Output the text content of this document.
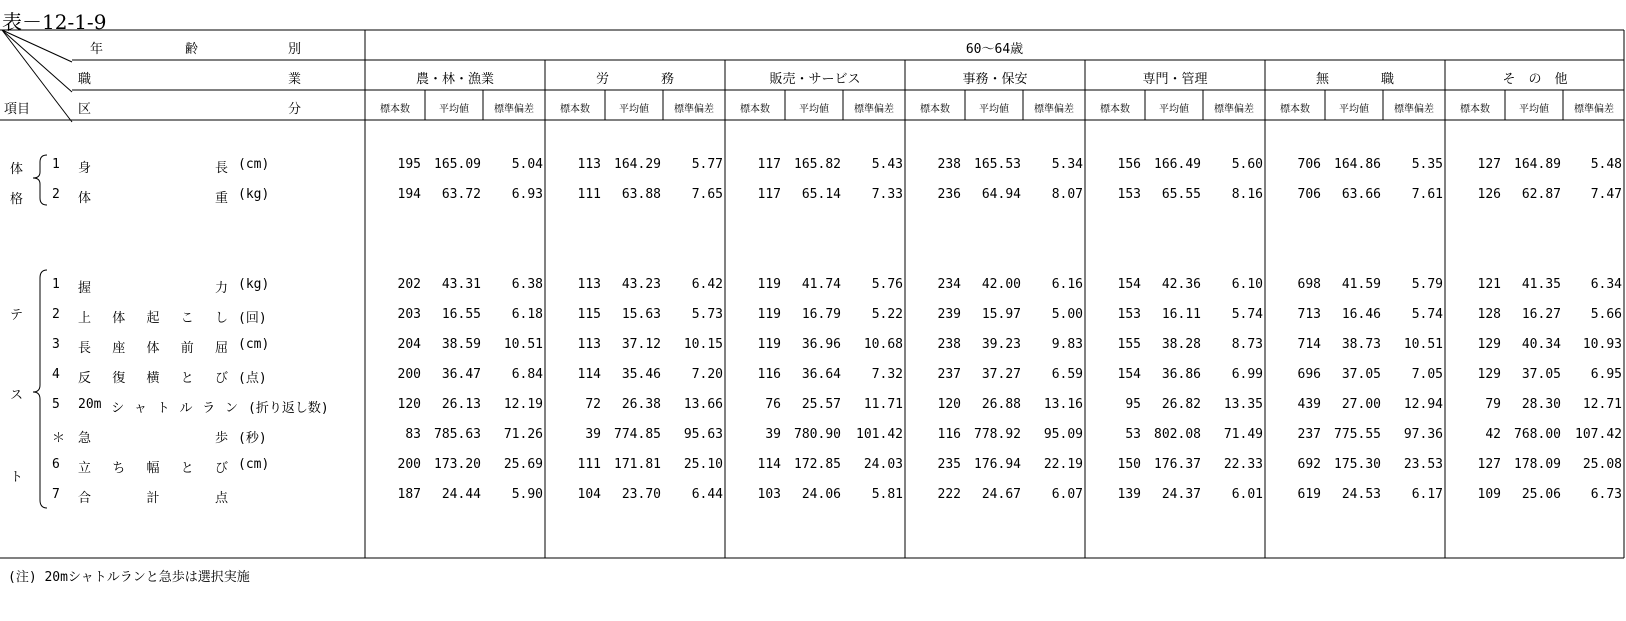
表－12-1-9
年	齢	別
職	業
区	分
項目
60～64歳
農・林・漁業
標本数	平均値	標準偏差
労　　　　務
標本数	平均値	標準偏差
販売・サービス
標本数	平均値	標準偏差
事務・保安
標本数	平均値	標準偏差
専門・管理
標本数	平均値	標準偏差
無　　　　職
標本数	平均値	標準偏差
そ　の　他
標本数	平均値	標準偏差
体
格
テ
ス
ト
1	身	長 (cm)	195	165.09	5.04	113	164.29	5.77	117	165.82	5.43	238	165.53	5.34	156	166.49	5.60	706	164.86	5.35	127	164.89	5.48
2	体	重 (kg)	194	63.72	6.93	111	63.88	7.65	117	65.14	7.33	236	64.94	8.07	153	65.55	8.16	706	63.66	7.61	126	62.87	7.47
1	握	力 (kg)	202	43.31	6.38	113	43.23	6.42	119	41.74	5.76	234	42.00	6.16	154	42.36	6.10	698	41.59	5.79	121	41.35	6.34
2	上 体 起 こ し (回)	203	16.55	6.18	115	15.63	5.73	119	16.79	5.22	239	15.97	5.00	153	16.11	5.74	713	16.46	5.74	128	16.27	5.66
3	長 座 体 前 屈 (cm)	204	38.59	10.51	113	37.12	10.15	119	36.96	10.68	238	39.23	9.83	155	38.28	8.73	714	38.73	10.51	129	40.34	10.93
4	反 復 横 と び (点)	200	36.47	6.84	114	35.46	7.20	116	36.64	7.32	237	37.27	6.59	154	36.86	6.99	696	37.05	7.05	129	37.05	6.95
5	20m シ ャ ト ル ラ ン (折り返し数)	120	26.13	12.19	72	26.38	13.66	76	25.57	11.71	120	26.88	13.16	95	26.82	13.35	439	27.00	12.94	79	28.30	12.71
＊ 急	歩 (秒)	83	785.63	71.26	39	774.85	95.63	39	780.90	101.42	116	778.92	95.09	53	802.08	71.49	237	775.55	97.36	42	768.00	107.42
6	立 ち 幅 と び (cm)	200	173.20	25.69	111	171.81	25.10	114	172.85	24.03	235	176.94	22.19	150	176.37	22.33	692	175.30	23.53	127	178.09	25.08
7	合	計	点	187	24.44	5.90	104	23.70	6.44	103	24.06	5.81	222	24.67	6.07	139	24.37	6.01	619	24.53	6.17	109	25.06	6.73
(注) 20mシャトルランと急歩は選択実施
